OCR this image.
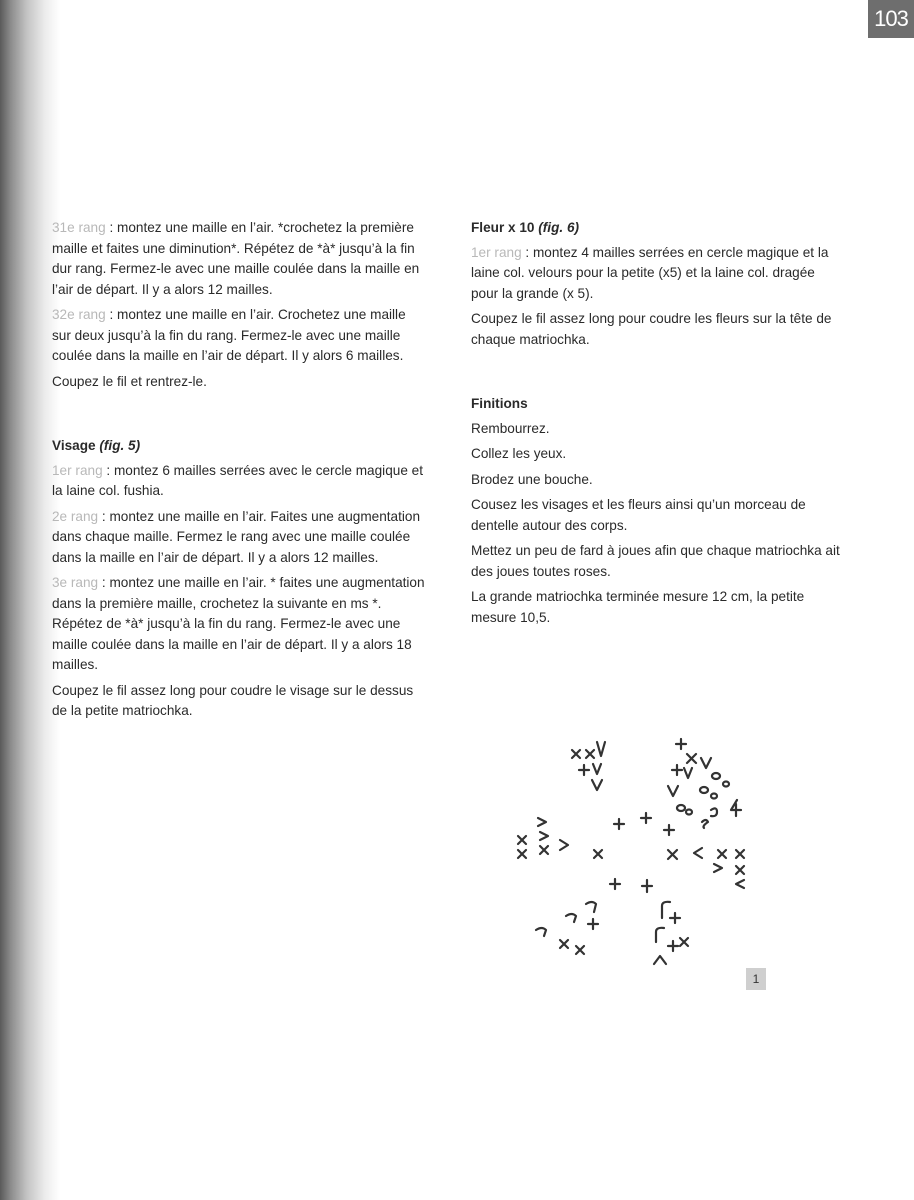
103

31e rang : montez une maille en l’air. *crochetez la première maille et faites une diminution*. Répétez de *à* jusqu’à la fin dur rang. Fermez-le avec une maille coulée dans la maille en l’air de départ. Il y a alors 12 mailles.

32e rang : montez une maille en l’air. Crochetez une maille sur deux jusqu’à la fin du rang. Fermez-le avec une maille coulée dans la maille en l’air de départ. Il y alors 6 mailles.

Coupez le fil et rentrez-le.

Visage (fig. 5)

1er rang : montez 6 mailles serrées avec le cercle magique et la laine col. fushia.

2e rang : montez une maille en l’air. Faites une augmentation dans chaque maille. Fermez le rang avec une maille coulée dans la maille en l’air de départ. Il y a alors 12 mailles.

3e rang : montez une maille en l’air. * faites une augmentation dans la première maille, crochetez la suivante en ms *. Répétez de *à* jusqu’à la fin du rang. Fermez-le avec une maille coulée dans la maille en l’air de départ. Il y a alors 18 mailles.

Coupez le fil assez long pour coudre le visage sur le dessus de la petite matriochka.

Fleur x 10 (fig. 6)

1er rang : montez 4 mailles serrées en cercle magique et la laine col. velours pour la petite (x5) et la laine col. dragée pour la grande (x 5).

Coupez le fil assez long pour coudre les fleurs sur la tête de chaque matriochka.

Finitions

Rembourrez.

Collez les yeux.

Brodez une bouche.

Cousez les visages et les fleurs ainsi qu’un morceau de dentelle autour des corps.

Mettez un peu de fard à joues afin que chaque matriochka ait des joues toutes roses.

La grande matriochka terminée mesure 12 cm, la petite mesure 10,5.

1
